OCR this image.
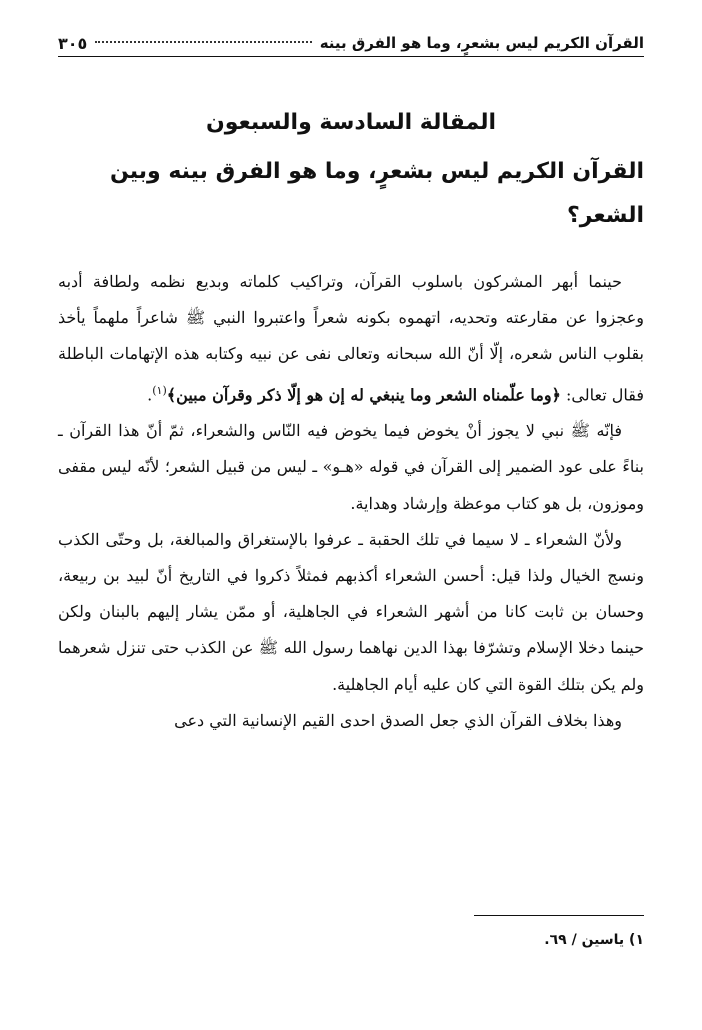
القرآن الكريم ليس بشعرٍ، وما هو الفرق بينه
٣٠٥
المقالة السادسة والسبعون
القرآن الكريم ليس بشعرٍ، وما هو الفرق بينه وبين الشعر؟

حينما أبهر المشركون باسلوب القرآن، وتراكيب كلماته وبديع نظمه ولطافة أدبه وعجزوا عن مقارعته وتحديه، اتهموه بكونه شعراً واعتبروا النبي ﷺ شاعراً ملهماً يأخذ بقلوب الناس شعره، إلّا أنّ الله سبحانه وتعالى نفى عن نبيه وكتابه هذه الإتهامات الباطلة فقال تعالى: ﴿وما علّمناه الشعر وما ينبغي له إن هو إلّا ذكر وقرآن مبين﴾$^{(١)}$.

فإنّه ﷺ نبي لا يجوز أنْ يخوض فيما يخوض فيه النّاس والشعراء، ثمّ أنّ هذا القرآن ـ بناءً على عود الضمير إلى القرآن في قوله «هـو» ـ ليس من قبيل الشعر؛ لأنّه ليس مقفى وموزون، بل هو كتاب موعظة وإرشاد وهداية.

ولأنّ الشعراء ـ لا سيما في تلك الحقبة ـ عرفوا بالإستغراق والمبالغة، بل وحتّى الكذب ونسج الخيال ولذا قيل: أحسن الشعراء أكذبهم فمثلاً ذكروا في التاريخ أنّ لبيد بن ربيعة، وحسان بن ثابت كانا من أشهر الشعراء في الجاهلية، أو ممّن يشار إليهم بالبنان ولكن حينما دخلا الإسلام وتشرّفا بهذا الدين نهاهما رسول الله ﷺ عن الكذب حتى تنزل شعرهما ولم يكن بتلك القوة التي كان عليه أيام الجاهلية.

وهذا بخلاف القرآن الذي جعل الصدق احدى القيم الإنسانية التي دعى

١) ياسين / ٦٩.
